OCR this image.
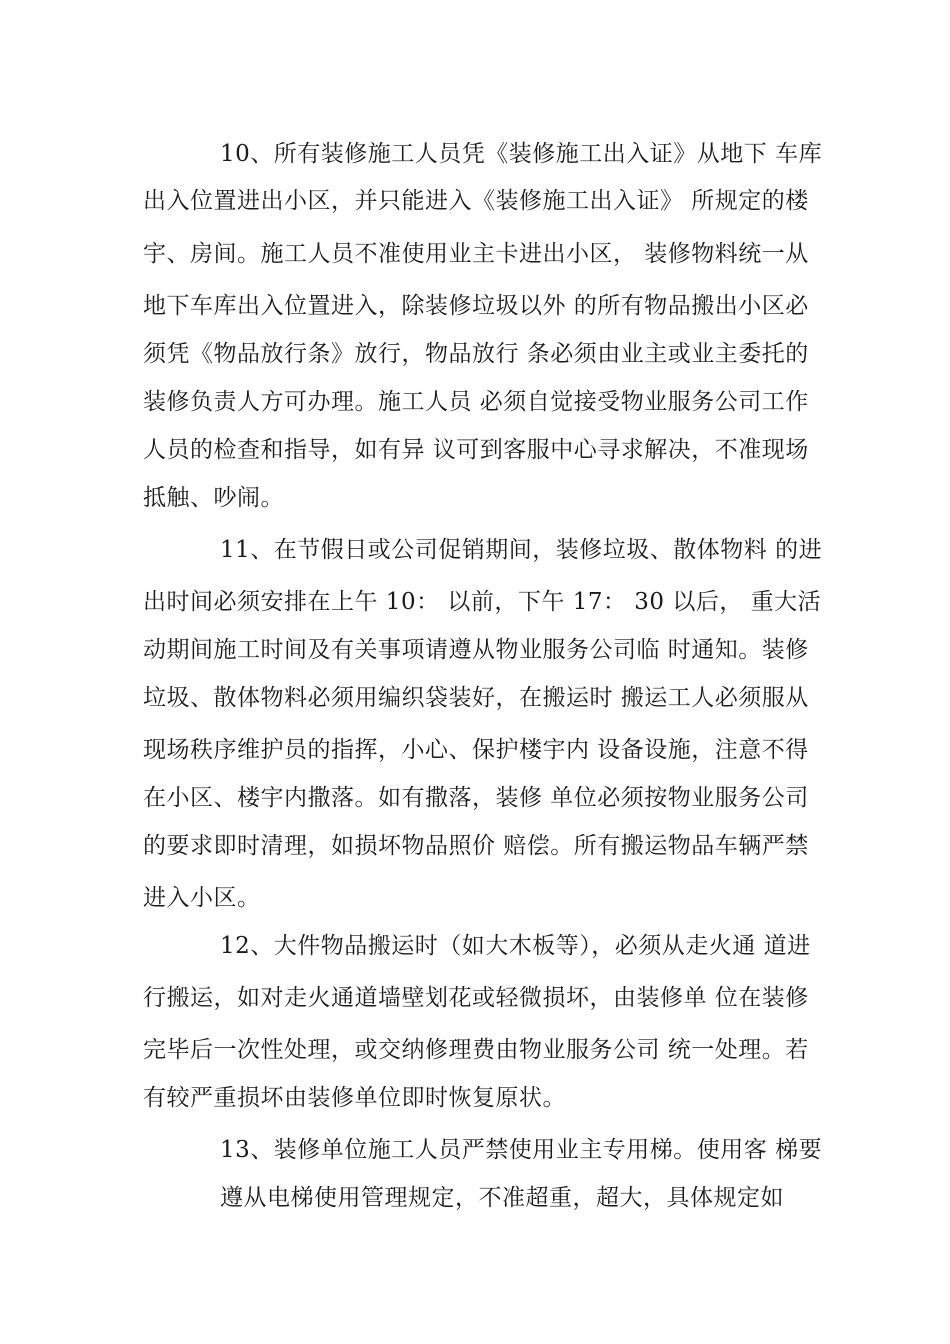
10、所有装修施工人员凭《装修施工出入证》从地下 车库
出入位置进出小区，并只能进入《装修施工出入证》 所规定的楼
宇、房间。施工人员不准使用业主卡进出小区， 装修物料统一从
地下车库出入位置进入，除装修垃圾以外 的所有物品搬出小区必
须凭《物品放行条》放行，物品放行 条必须由业主或业主委托的
装修负责人方可办理。施工人员 必须自觉接受物业服务公司工作
人员的检查和指导，如有异 议可到客服中心寻求解决，不准现场
抵触、吵闹。
11、在节假日或公司促销期间，装修垃圾、散体物料 的进
出时间必须安排在上午 10： 以前，下午 17： 30 以后， 重大活
动期间施工时间及有关事项请遵从物业服务公司临 时通知。装修
垃圾、散体物料必须用编织袋装好，在搬运时 搬运工人必须服从
现场秩序维护员的指挥，小心、保护楼宇内 设备设施，注意不得
在小区、楼宇内撒落。如有撒落，装修 单位必须按物业服务公司
的要求即时清理，如损坏物品照价 赔偿。所有搬运物品车辆严禁
进入小区。
12、大件物品搬运时（如大木板等），必须从走火通 道进
行搬运，如对走火通道墙壁划花或轻微损坏，由装修单 位在装修
完毕后一次性处理，或交纳修理费由物业服务公司 统一处理。若
有较严重损坏由装修单位即时恢复原状。
13、装修单位施工人员严禁使用业主专用梯。使用客 梯要
遵从电梯使用管理规定，不准超重，超大，具体规定如
